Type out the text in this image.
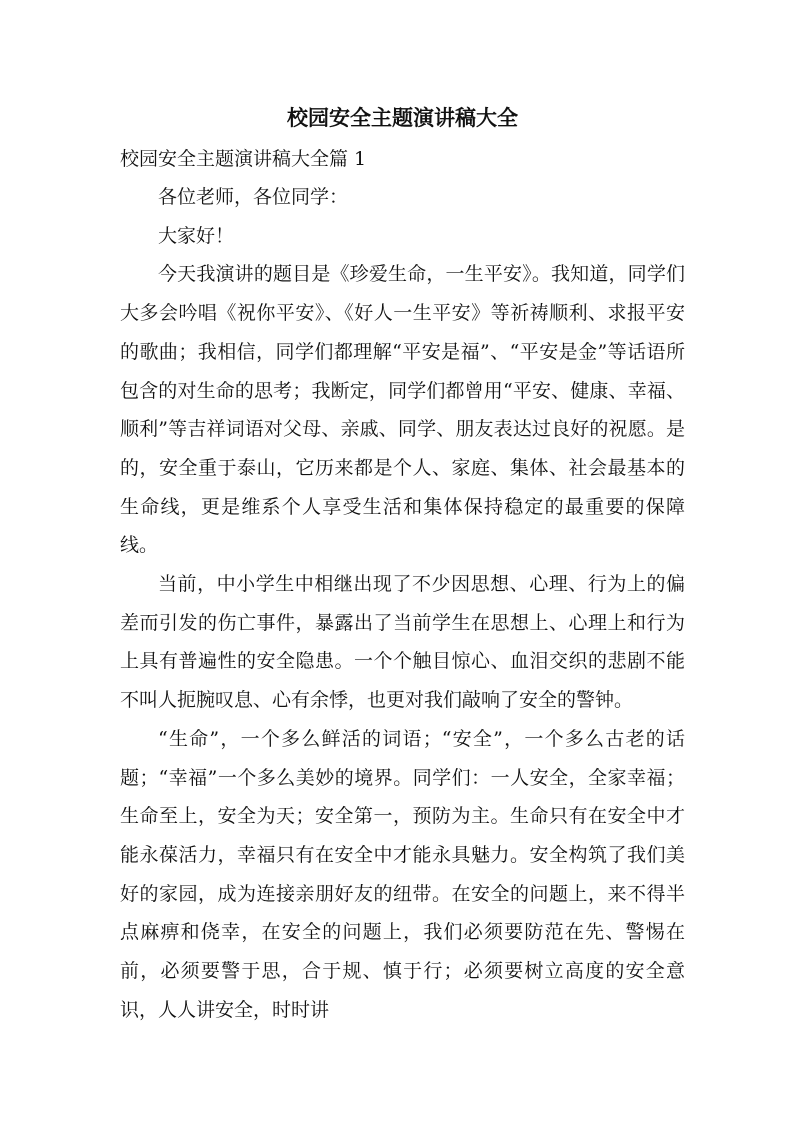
校园安全主题演讲稿大全
校园安全主题演讲稿大全篇 1

各位老师，各位同学：

大家好！

今天我演讲的题目是《珍爱生命，一生平安》。我知道，同学们大多会吟唱《祝你平安》、《好人一生平安》等祈祷顺利、求报平安的歌曲；我相信，同学们都理解“平安是福”、“平安是金”等话语所包含的对生命的思考；我断定，同学们都曾用“平安、健康、幸福、顺利”等吉祥词语对父母、亲戚、同学、朋友表达过良好的祝愿。是的，安全重于泰山，它历来都是个人、家庭、集体、社会最基本的生命线，更是维系个人享受生活和集体保持稳定的最重要的保障线。

当前，中小学生中相继出现了不少因思想、心理、行为上的偏差而引发的伤亡事件，暴露出了当前学生在思想上、心理上和行为上具有普遍性的安全隐患。一个个触目惊心、血泪交织的悲剧不能不叫人扼腕叹息、心有余悸，也更对我们敲响了安全的警钟。

“生命”，一个多么鲜活的词语；“安全”，一个多么古老的话题；“幸福”一个多么美妙的境界。同学们：一人安全，全家幸福；生命至上，安全为天；安全第一，预防为主。生命只有在安全中才能永葆活力，幸福只有在安全中才能永具魅力。安全构筑了我们美好的家园，成为连接亲朋好友的纽带。在安全的问题上，来不得半点麻痹和侥幸，在安全的问题上，我们必须要防范在先、警惕在前，必须要警于思，合于规、慎于行；必须要树立高度的安全意识，人人讲安全，时时讲
